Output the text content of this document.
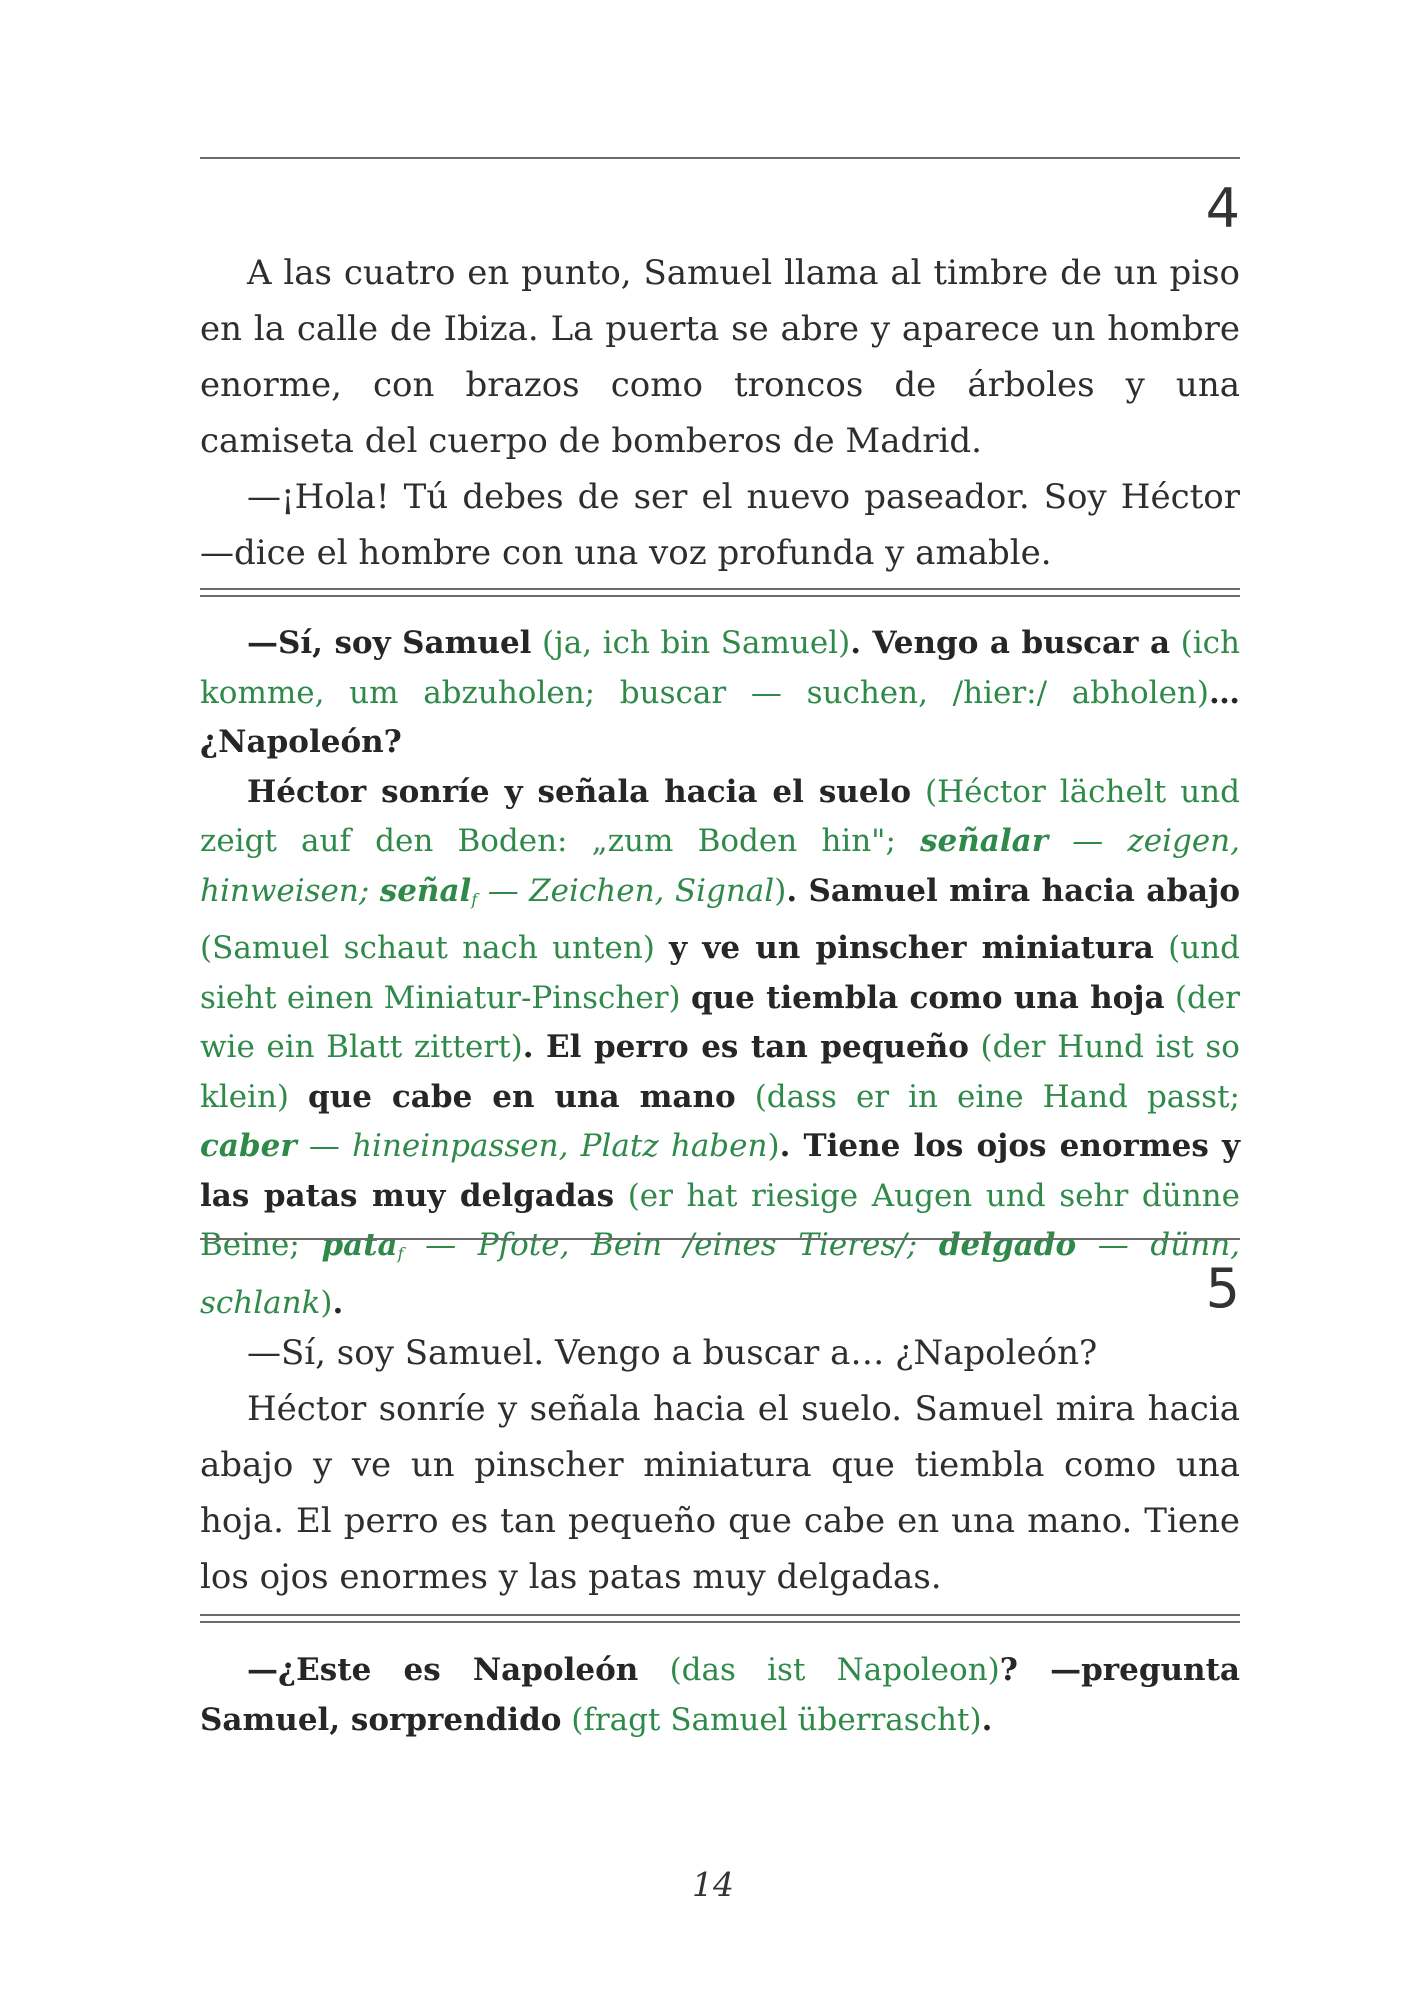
4

A las cuatro en punto, Samuel llama al timbre de un piso en la calle de Ibiza. La puerta se abre y aparece un hombre enorme, con brazos como troncos de árboles y una camiseta del cuerpo de bomberos de Madrid.

—¡Hola! Tú debes de ser el nuevo paseador. Soy Héctor —dice el hombre con una voz profunda y amable.

—Sí, soy Samuel (ja, ich bin Samuel). Vengo a buscar a (ich komme, um abzuholen; buscar — suchen, /hier:/ abholen)… ¿Napoleón?

Héctor sonríe y señala hacia el suelo (Héctor lächelt und zeigt auf den Boden: „zum Boden hin"; señalar — zeigen, hinweisen; señal$_f$ — Zeichen, Signal). Samuel mira hacia abajo (Samuel schaut nach unten) y ve un pinscher miniatura (und sieht einen Miniatur-Pinscher) que tiembla como una hoja (der wie ein Blatt zittert). El perro es tan pequeño (der Hund ist so klein) que cabe en una mano (dass er in eine Hand passt; caber — hineinpassen, Platz haben). Tiene los ojos enormes y las patas muy delgadas (er hat riesige Augen und sehr dünne Beine; pata$_f$ — Pfote, Bein /eines Tieres/; delgado — dünn, schlank).	5

—Sí, soy Samuel. Vengo a buscar a… ¿Napoleón?

Héctor sonríe y señala hacia el suelo. Samuel mira hacia abajo y ve un pinscher miniatura que tiembla como una hoja. El perro es tan pequeño que cabe en una mano. Tiene los ojos enormes y las patas muy delgadas.

—¿Este es Napoleón (das ist Napoleon)? —pregunta Samuel, sorprendido (fragt Samuel überrascht).

14
